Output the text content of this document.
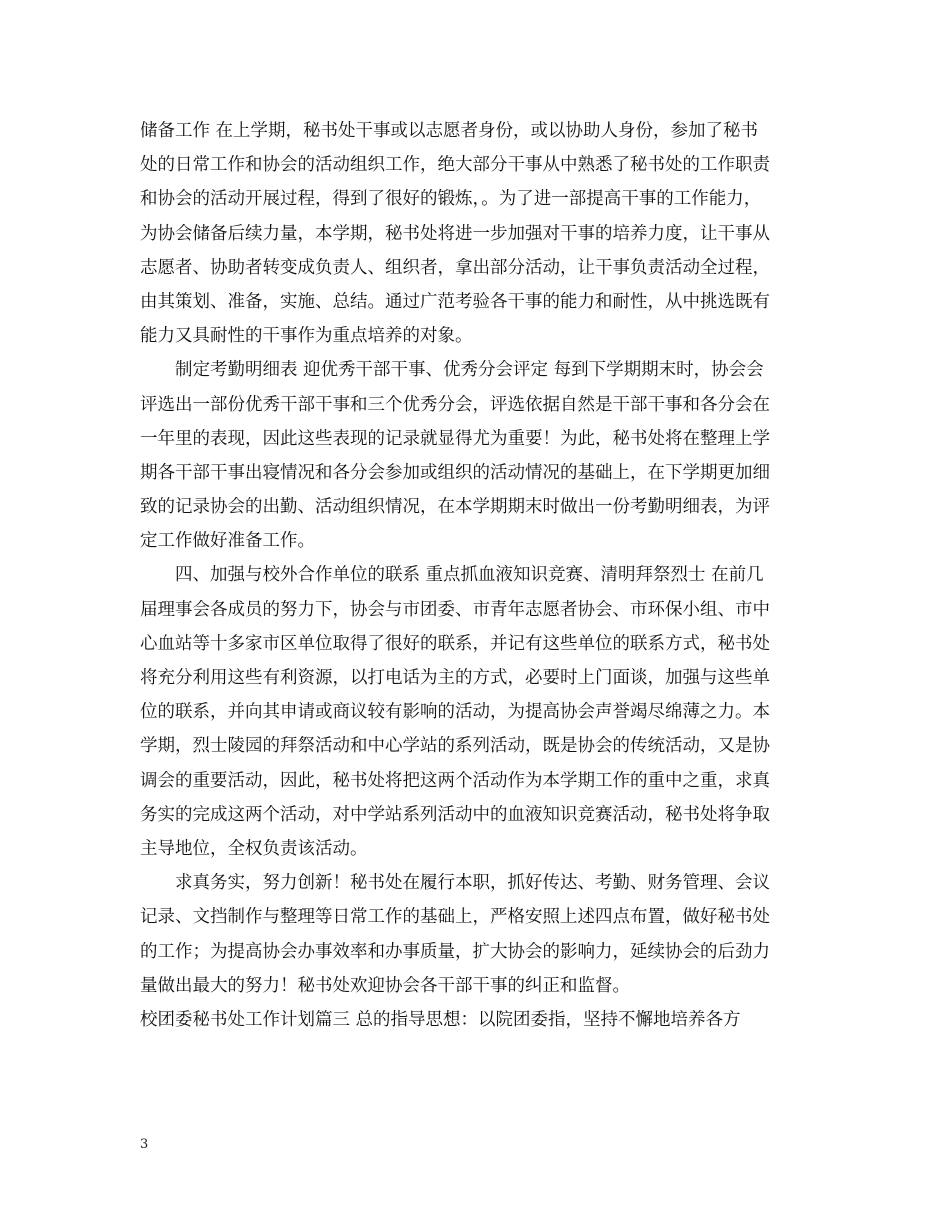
储备工作 在上学期，秘书处干事或以志愿者身份，或以协助人身份，参加了秘书
处的日常工作和协会的活动组织工作，绝大部分干事从中熟悉了秘书处的工作职责
和协会的活动开展过程，得到了很好的锻炼，。为了进一部提高干事的工作能力，
为协会储备后续力量，本学期，秘书处将进一步加强对干事的培养力度，让干事从
志愿者、协助者转变成负责人、组织者，拿出部分活动，让干事负责活动全过程，
由其策划、准备，实施、总结。通过广范考验各干事的能力和耐性，从中挑选既有
能力又具耐性的干事作为重点培养的对象。
制定考勤明细表 迎优秀干部干事、优秀分会评定 每到下学期期末时，协会会
评选出一部份优秀干部干事和三个优秀分会，评选依据自然是干部干事和各分会在
一年里的表现，因此这些表现的记录就显得尤为重要！为此，秘书处将在整理上学
期各干部干事出寝情况和各分会参加或组织的活动情况的基础上，在下学期更加细
致的记录协会的出勤、活动组织情况，在本学期期末时做出一份考勤明细表，为评
定工作做好准备工作。
四、加强与校外合作单位的联系 重点抓血液知识竞赛、清明拜祭烈士 在前几
届理事会各成员的努力下，协会与市团委、市青年志愿者协会、市环保小组、市中
心血站等十多家市区单位取得了很好的联系，并记有这些单位的联系方式，秘书处
将充分利用这些有利资源，以打电话为主的方式，必要时上门面谈，加强与这些单
位的联系，并向其申请或商议较有影响的活动，为提高协会声誉竭尽绵薄之力。本
学期，烈士陵园的拜祭活动和中心学站的系列活动，既是协会的传统活动，又是协
调会的重要活动，因此，秘书处将把这两个活动作为本学期工作的重中之重，求真
务实的完成这两个活动，对中学站系列活动中的血液知识竞赛活动，秘书处将争取
主导地位，全权负责该活动。
求真务实，努力创新！秘书处在履行本职，抓好传达、考勤、财务管理、会议
记录、文挡制作与整理等日常工作的基础上，严格安照上述四点布置，做好秘书处
的工作；为提高协会办事效率和办事质量，扩大协会的影响力，延续协会的后劲力
量做出最大的努力！秘书处欢迎协会各干部干事的纠正和监督。
校团委秘书处工作计划篇三 总的指导思想：以院团委指，坚持不懈地培养各方
3
